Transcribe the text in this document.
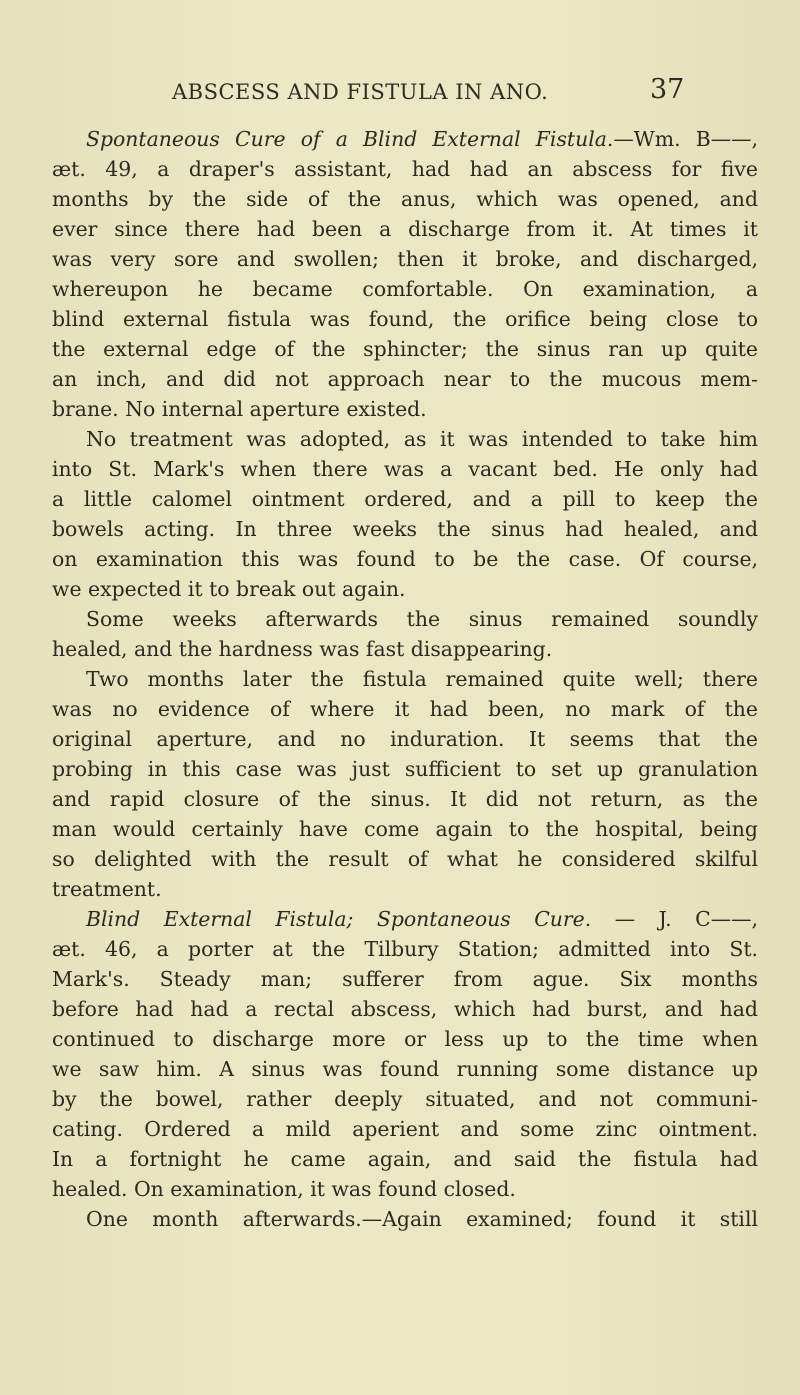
ABSCESS AND FISTULA IN ANO.	37
Spontaneous Cure of a Blind External Fistula.—Wm. B——,
æt. 49, a draper's assistant, had had an abscess for five
months by the side of the anus, which was opened, and
ever since there had been a discharge from it. At times it
was very sore and swollen; then it broke, and discharged,
whereupon he became comfortable. On examination, a
blind external fistula was found, the orifice being close to
the external edge of the sphincter; the sinus ran up quite
an inch, and did not approach near to the mucous mem-
brane. No internal aperture existed.
No treatment was adopted, as it was intended to take him
into St. Mark's when there was a vacant bed. He only had
a little calomel ointment ordered, and a pill to keep the
bowels acting. In three weeks the sinus had healed, and
on examination this was found to be the case. Of course,
we expected it to break out again.
Some weeks afterwards the sinus remained soundly
healed, and the hardness was fast disappearing.
Two months later the fistula remained quite well; there
was no evidence of where it had been, no mark of the
original aperture, and no induration. It seems that the
probing in this case was just sufficient to set up granulation
and rapid closure of the sinus. It did not return, as the
man would certainly have come again to the hospital, being
so delighted with the result of what he considered skilful
treatment.
Blind External Fistula; Spontaneous Cure. — J. C——,
æt. 46, a porter at the Tilbury Station; admitted into St.
Mark's. Steady man; sufferer from ague. Six months
before had had a rectal abscess, which had burst, and had
continued to discharge more or less up to the time when
we saw him. A sinus was found running some distance up
by the bowel, rather deeply situated, and not communi-
cating. Ordered a mild aperient and some zinc ointment.
In a fortnight he came again, and said the fistula had
healed. On examination, it was found closed.
One month afterwards.—Again examined; found it still
